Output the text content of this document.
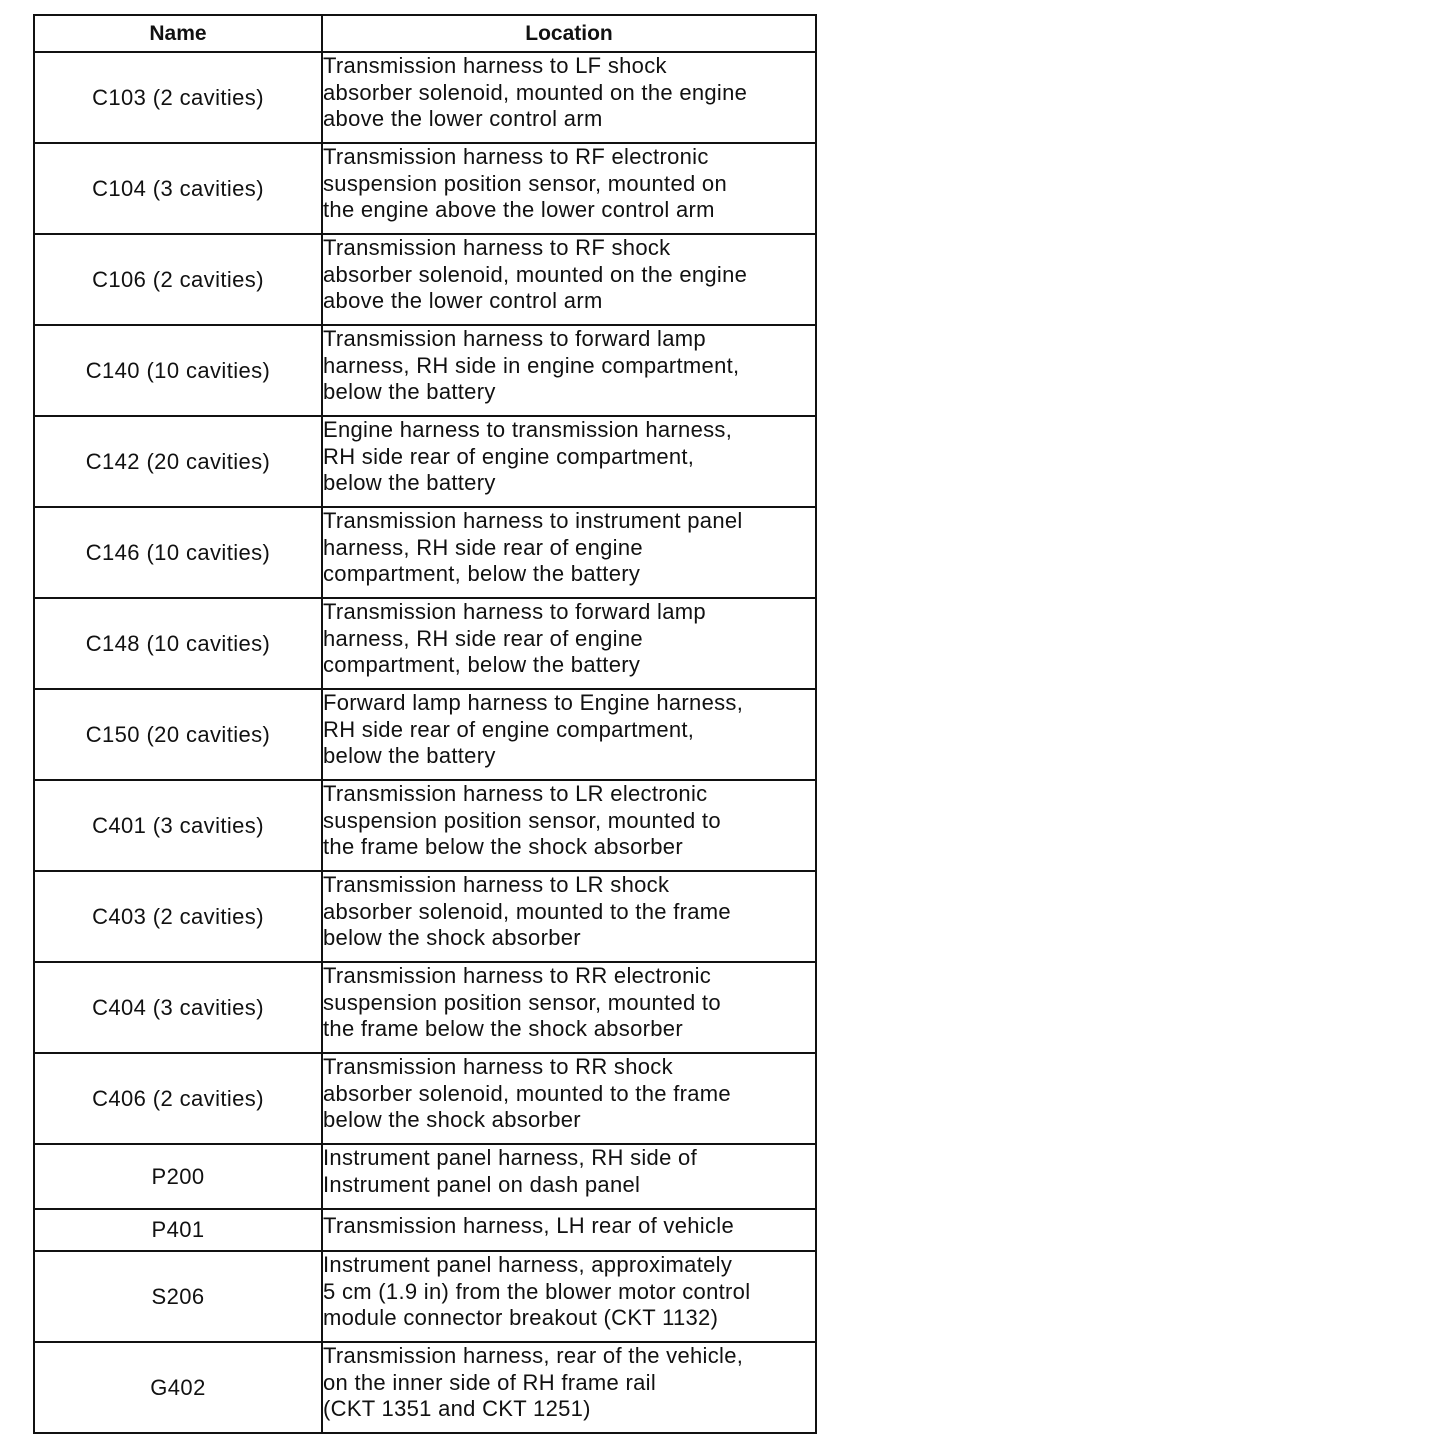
Name	Location
C103 (2 cavities)	Transmission harness to LF shock
absorber solenoid, mounted on the engine
above the lower control arm

C104 (3 cavities)	Transmission harness to RF electronic
suspension position sensor, mounted on
the engine above the lower control arm

C106 (2 cavities)	Transmission harness to RF shock
absorber solenoid, mounted on the engine
above the lower control arm

C140 (10 cavities)	Transmission harness to forward lamp
harness, RH side in engine compartment,
below the battery

C142 (20 cavities)	Engine harness to transmission harness,
RH side rear of engine compartment,
below the battery

C146 (10 cavities)	Transmission harness to instrument panel
harness, RH side rear of engine
compartment, below the battery

C148 (10 cavities)	Transmission harness to forward lamp
harness, RH side rear of engine
compartment, below the battery

C150 (20 cavities)	Forward lamp harness to Engine harness,
RH side rear of engine compartment,
below the battery

C401 (3 cavities)	Transmission harness to LR electronic
suspension position sensor, mounted to
the frame below the shock absorber

C403 (2 cavities)	Transmission harness to LR shock
absorber solenoid, mounted to the frame
below the shock absorber

C404 (3 cavities)	Transmission harness to RR electronic
suspension position sensor, mounted to
the frame below the shock absorber

C406 (2 cavities)	Transmission harness to RR shock
absorber solenoid, mounted to the frame
below the shock absorber

P200	Instrument panel harness, RH side of
Instrument panel on dash panel

P401	Transmission harness, LH rear of vehicle

S206	Instrument panel harness, approximately
5 cm (1.9 in) from the blower motor control
module connector breakout (CKT 1132)

G402	Transmission harness, rear of the vehicle,
on the inner side of RH frame rail
(CKT 1351 and CKT 1251)
